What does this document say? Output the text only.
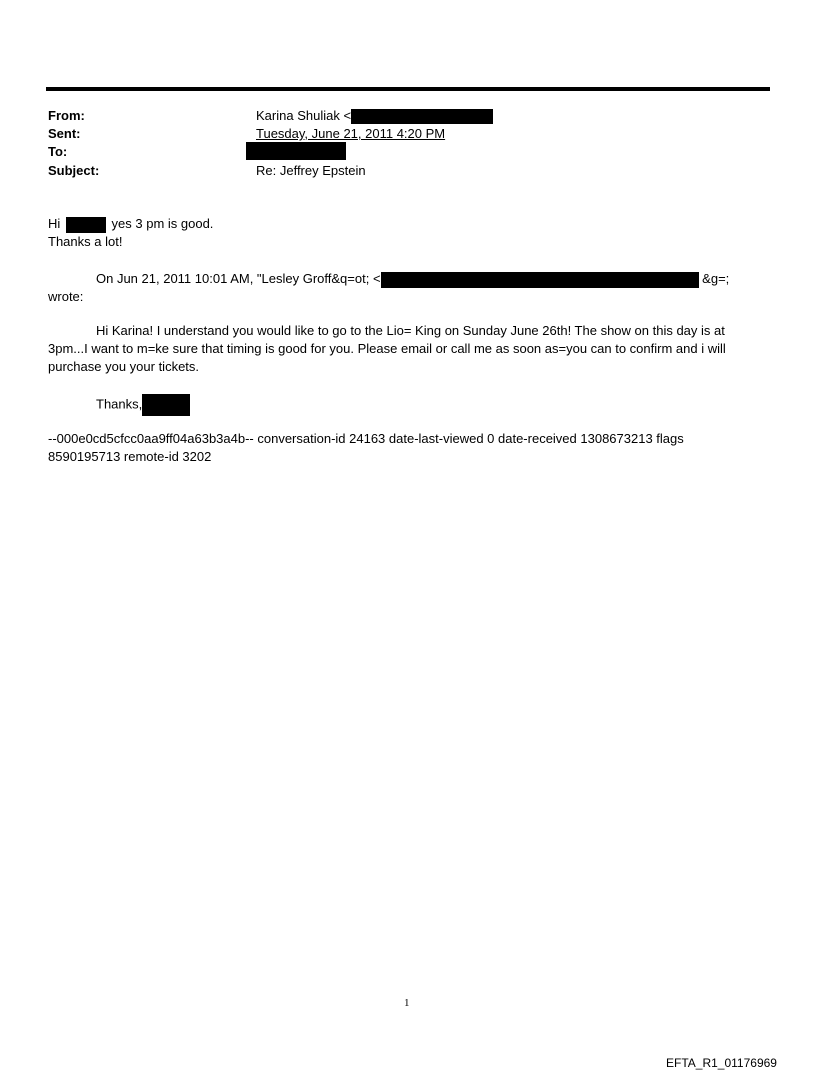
From:	Karina Shuliak <
Sent:	Tuesday, June 21, 2011 4:20 PM
To:
Subject:	Re: Jeffrey Epstein
Hi	yes 3 pm is good.
Thanks a lot!
On Jun 21, 2011 10:01 AM, "Lesley Groff&q=ot; <	&g=;
wrote:
Hi Karina! I understand you would like to go to the Lio= King on Sunday June 26th! The show on this day is at
3pm...I want to m=ke sure that timing is good for you. Please email or call me as soon as=you can to confirm and i will
purchase you your tickets.
Thanks,
--000e0cd5cfcc0aa9ff04a63b3a4b-- conversation-id 24163 date-last-viewed 0 date-received 1308673213 flags
8590195713 remote-id 3202
1
EFTA_R1_01176969
